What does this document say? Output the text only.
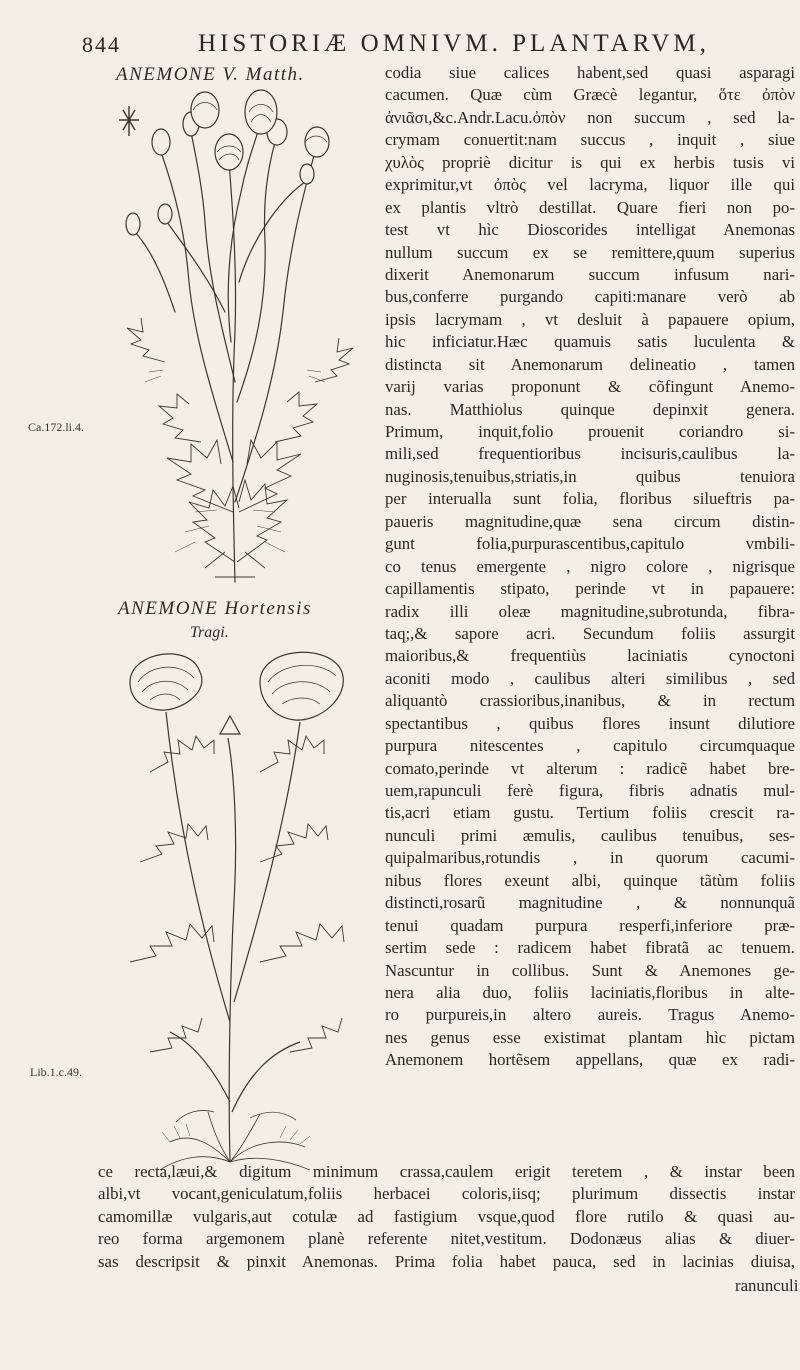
844	HISTORIÆ OMNIVM. PLANTARVM,
ANEMONE V. Matth.
Ca.172.li.4.
Lib.1.c.49.
ANEMONE Hortensis
Tragi.
codia siue calices habent,sed quasi asparagi
cacumen. Quæ cùm Græcè legantur, ὅτε ὀπὸν
ἀνιᾶσι,&c.Andr.Lacu.ὀπὸν non succum , sed la-
crymam conuertit:nam succus , inquit , siue
χυλὸς propriè dicitur is qui ex herbis tusis vi
exprimitur,vt ὀπὸς vel lacryma, liquor ille qui
ex plantis vltrò destillat. Quare fieri non po-
test vt hìc Dioscorides intelligat Anemonas
nullum succum ex se remittere,quum superius
dixerit Anemonarum succum infusum nari-
bus,conferre purgando capiti:manare verò ab
ipsis lacrymam , vt desluit à papauere opium,
hic inficiatur.Hæc quamuis satis luculenta &
distincta sit Anemonarum delineatio , tamen
varij varias proponunt & cõfingunt Anemo-
nas. Matthiolus quinque depinxit genera.
Primum, inquit,folio prouenit coriandro si-
mili,sed frequentioribus incisuris,caulibus la-
nuginosis,tenuibus,striatis,in quibus tenuiora
per interualla sunt folia, floribus silueftris pa-
paueris magnitudine,quæ sena circum distin-
gunt folia,purpurascentibus,capitulo vmbili-
co tenus emergente , nigro colore , nigrisque
capillamentis stipato, perinde vt in papauere:
radix illi oleæ magnitudine,subrotunda, fibra-
taq;,& sapore acri. Secundum foliis assurgit
maioribus,& frequentiùs laciniatis cynoctoni
aconiti modo , caulibus alteri similibus , sed
aliquantò crassioribus,inanibus, & in rectum
spectantibus , quibus flores insunt dilutiore
purpura nitescentes , capitulo circumquaque
comato,perinde vt alterum : radicẽ habet bre-
uem,rapunculi ferè figura, fibris adnatis mul-
tis,acri etiam gustu. Tertium foliis crescit ra-
nunculi primi æmulis, caulibus tenuibus, ses-
quipalmaribus,rotundis , in quorum cacumi-
nibus flores exeunt albi, quinque tãtùm foliis
distincti,rosarũ magnitudine , & nonnunquã
tenui quadam purpura resperfi,inferiore præ-
sertim sede : radicem habet fibratã ac tenuem.
Nascuntur in collibus. Sunt & Anemones ge-
nera alia duo, foliis laciniatis,floribus in alte-
ro purpureis,in altero aureis. Tragus Anemo-
nes genus esse existimat plantam hìc pictam
Anemonem hortẽsem appellans, quæ ex radi-
ce recta,læui,& digitum minimum crassa,caulem erigit teretem , & instar been
albi,vt vocant,geniculatum,foliis herbacei coloris,iisq; plurimum dissectis instar
camomillæ vulgaris,aut cotulæ ad fastigium vsque,quod flore rutilo & quasi au-
reo forma argemonem planè referente nitet,vestitum. Dodonæus alias & diuer-
sas descripsit & pinxit Anemonas. Prima folia habet pauca, sed in lacinias diuisa,
ranunculi
